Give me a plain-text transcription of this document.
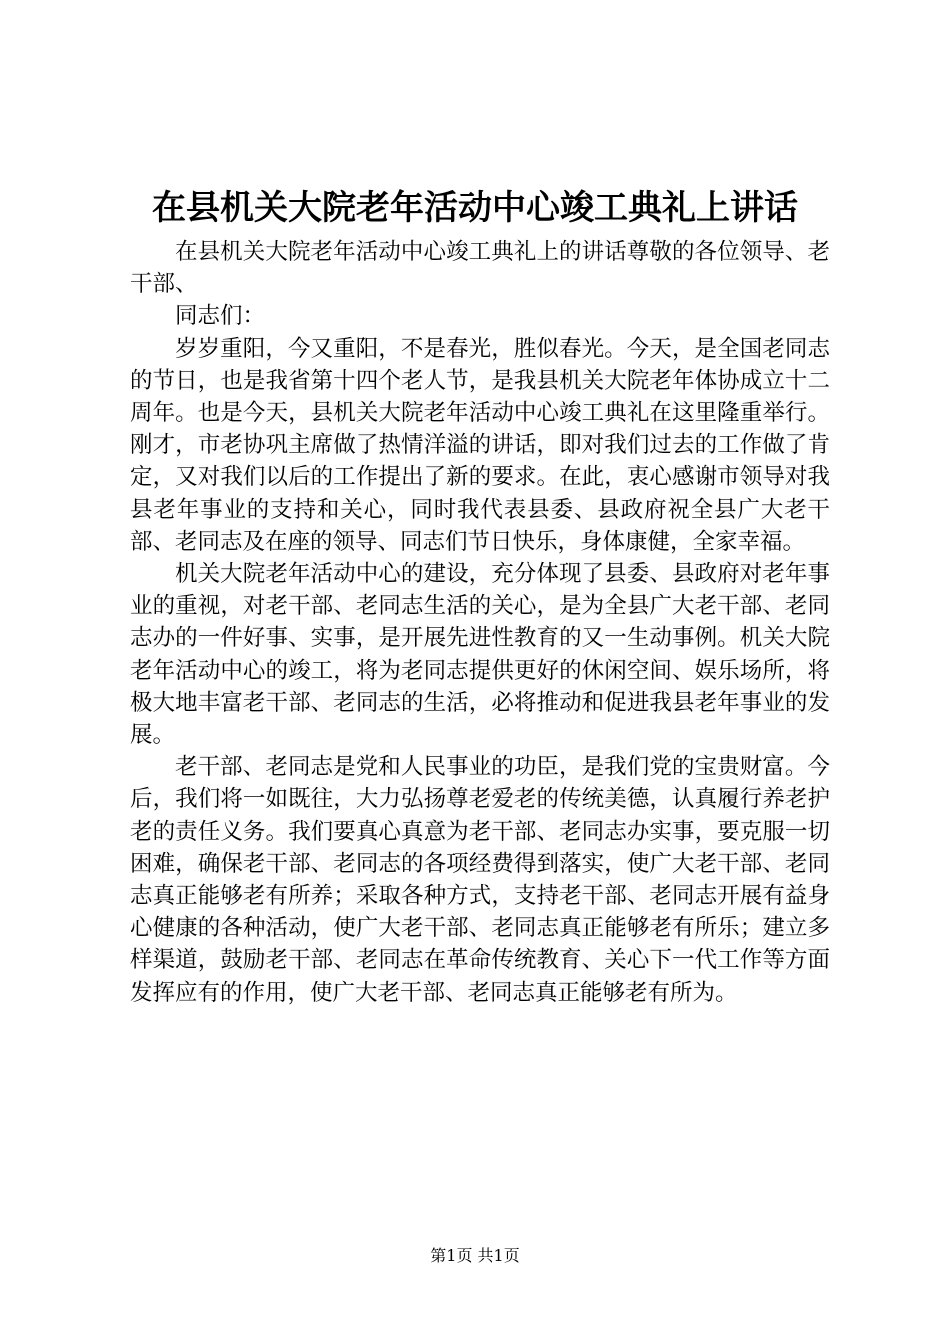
在县机关大院老年活动中心竣工典礼上讲话

在县机关大院老年活动中心竣工典礼上的讲话尊敬的各位领导、老干部、

同志们：

岁岁重阳，今又重阳，不是春光，胜似春光。今天，是全国老同志的节日，也是我省第十四个老人节，是我县机关大院老年体协成立十二周年。也是今天，县机关大院老年活动中心竣工典礼在这里隆重举行。刚才，市老协巩主席做了热情洋溢的讲话，即对我们过去的工作做了肯定，又对我们以后的工作提出了新的要求。在此，衷心感谢市领导对我县老年事业的支持和关心，同时我代表县委、县政府祝全县广大老干部、老同志及在座的领导、同志们节日快乐，身体康健，全家幸福。

机关大院老年活动中心的建设，充分体现了县委、县政府对老年事业的重视，对老干部、老同志生活的关心，是为全县广大老干部、老同志办的一件好事、实事，是开展先进性教育的又一生动事例。机关大院老年活动中心的竣工，将为老同志提供更好的休闲空间、娱乐场所，将极大地丰富老干部、老同志的生活，必将推动和促进我县老年事业的发展。

老干部、老同志是党和人民事业的功臣，是我们党的宝贵财富。今后，我们将一如既往，大力弘扬尊老爱老的传统美德，认真履行养老护老的责任义务。我们要真心真意为老干部、老同志办实事，要克服一切困难，确保老干部、老同志的各项经费得到落实，使广大老干部、老同志真正能够老有所养；采取各种方式，支持老干部、老同志开展有益身心健康的各种活动，使广大老干部、老同志真正能够老有所乐；建立多样渠道，鼓励老干部、老同志在革命传统教育、关心下一代工作等方面发挥应有的作用，使广大老干部、老同志真正能够老有所为。

第1页 共1页
